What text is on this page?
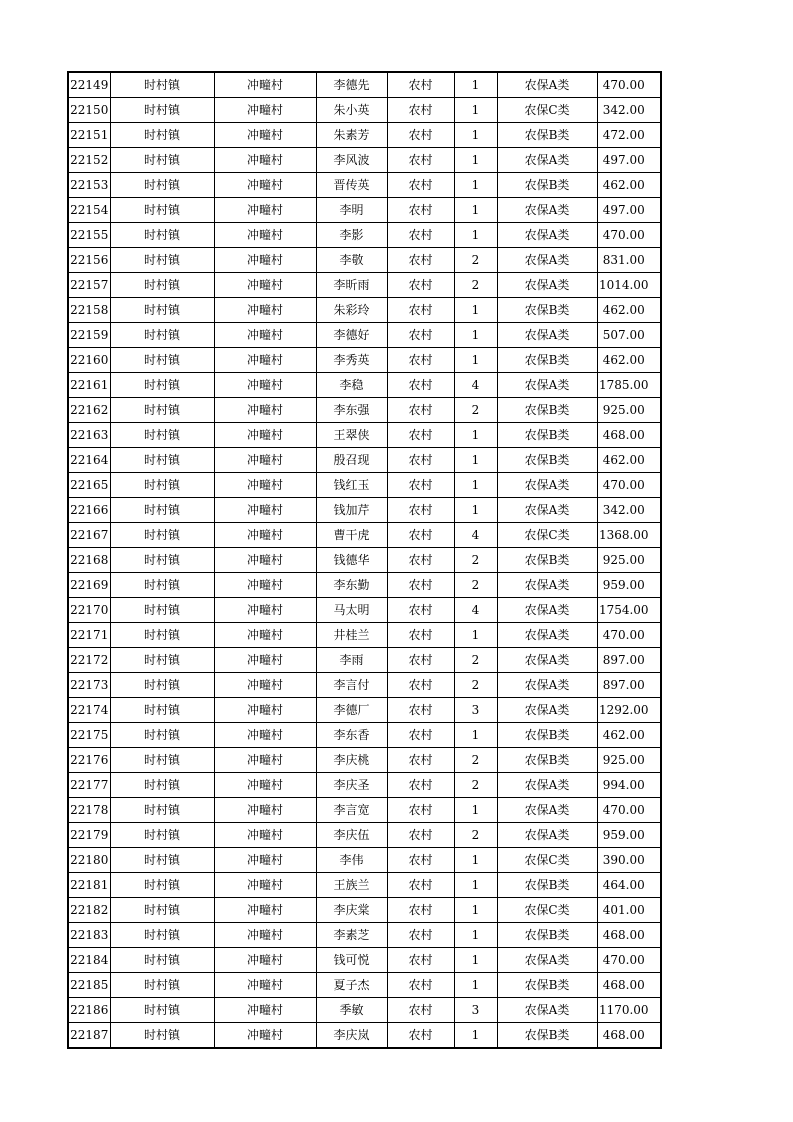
22149	时村镇	冲疃村	李德先	农村	1	农保A类	470.00
22150	时村镇	冲疃村	朱小英	农村	1	农保C类	342.00
22151	时村镇	冲疃村	朱素芳	农村	1	农保B类	472.00
22152	时村镇	冲疃村	李风波	农村	1	农保A类	497.00
22153	时村镇	冲疃村	晋传英	农村	1	农保B类	462.00
22154	时村镇	冲疃村	李明	农村	1	农保A类	497.00
22155	时村镇	冲疃村	李影	农村	1	农保A类	470.00
22156	时村镇	冲疃村	李敬	农村	2	农保A类	831.00
22157	时村镇	冲疃村	李昕雨	农村	2	农保A类	1014.00
22158	时村镇	冲疃村	朱彩玲	农村	1	农保B类	462.00
22159	时村镇	冲疃村	李德好	农村	1	农保A类	507.00
22160	时村镇	冲疃村	李秀英	农村	1	农保B类	462.00
22161	时村镇	冲疃村	李稳	农村	4	农保A类	1785.00
22162	时村镇	冲疃村	李东强	农村	2	农保B类	925.00
22163	时村镇	冲疃村	王翠侠	农村	1	农保B类	468.00
22164	时村镇	冲疃村	殷召现	农村	1	农保B类	462.00
22165	时村镇	冲疃村	钱红玉	农村	1	农保A类	470.00
22166	时村镇	冲疃村	钱加芹	农村	1	农保A类	342.00
22167	时村镇	冲疃村	曹干虎	农村	4	农保C类	1368.00
22168	时村镇	冲疃村	钱德华	农村	2	农保B类	925.00
22169	时村镇	冲疃村	李东勤	农村	2	农保A类	959.00
22170	时村镇	冲疃村	马太明	农村	4	农保A类	1754.00
22171	时村镇	冲疃村	井桂兰	农村	1	农保A类	470.00
22172	时村镇	冲疃村	李雨	农村	2	农保A类	897.00
22173	时村镇	冲疃村	李言付	农村	2	农保A类	897.00
22174	时村镇	冲疃村	李德厂	农村	3	农保A类	1292.00
22175	时村镇	冲疃村	李东香	农村	1	农保B类	462.00
22176	时村镇	冲疃村	李庆桃	农村	2	农保B类	925.00
22177	时村镇	冲疃村	李庆圣	农村	2	农保A类	994.00
22178	时村镇	冲疃村	李言宽	农村	1	农保A类	470.00
22179	时村镇	冲疃村	李庆伍	农村	2	农保A类	959.00
22180	时村镇	冲疃村	李伟	农村	1	农保C类	390.00
22181	时村镇	冲疃村	王族兰	农村	1	农保B类	464.00
22182	时村镇	冲疃村	李庆棠	农村	1	农保C类	401.00
22183	时村镇	冲疃村	李素芝	农村	1	农保B类	468.00
22184	时村镇	冲疃村	钱可悦	农村	1	农保A类	470.00
22185	时村镇	冲疃村	夏子杰	农村	1	农保B类	468.00
22186	时村镇	冲疃村	季敏	农村	3	农保A类	1170.00
22187	时村镇	冲疃村	李庆岚	农村	1	农保B类	468.00
